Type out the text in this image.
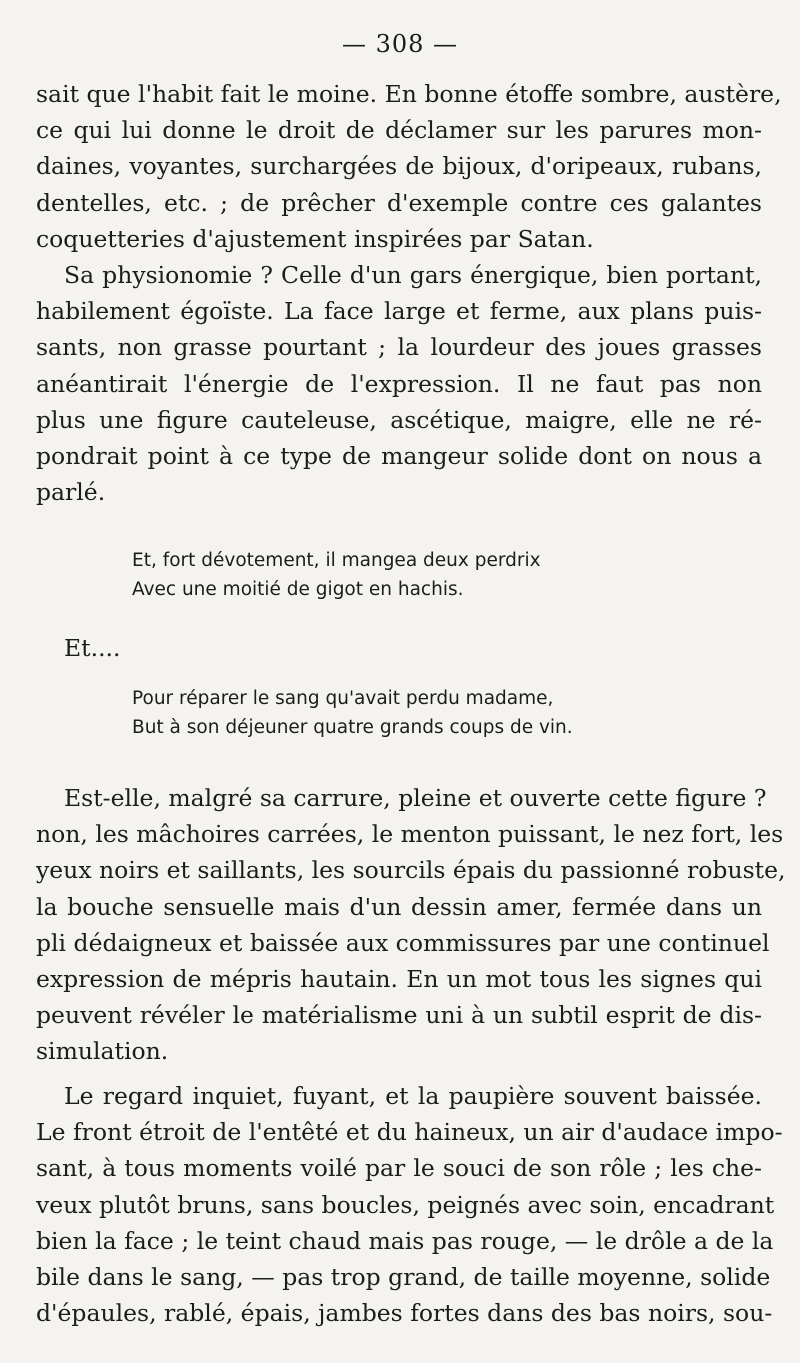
— 308 —
sait que l'habit fait le moine. En bonne étoffe sombre, austère,
ce qui lui donne le droit de déclamer sur les parures mon-
daines, voyantes, surchargées de bijoux, d'oripeaux, rubans,
dentelles, etc. ; de prêcher d'exemple contre ces galantes
coquetteries d'ajustement inspirées par Satan.
Sa physionomie ? Celle d'un gars énergique, bien portant,
habilement égoïste. La face large et ferme, aux plans puis-
sants, non grasse pourtant ; la lourdeur des joues grasses
anéantirait l'énergie de l'expression. Il ne faut pas non
plus une figure cauteleuse, ascétique, maigre, elle ne ré-
pondrait point à ce type de mangeur solide dont on nous a
parlé.
Et, fort dévotement, il mangea deux perdrix
Avec une moitié de gigot en hachis.
Et....
Pour réparer le sang qu'avait perdu madame,
But à son déjeuner quatre grands coups de vin.
Est-elle, malgré sa carrure, pleine et ouverte cette figure ?
non, les mâchoires carrées, le menton puissant, le nez fort, les
yeux noirs et saillants, les sourcils épais du passionné robuste,
la bouche sensuelle mais d'un dessin amer, fermée dans un
pli dédaigneux et baissée aux commissures par une continuel
expression de mépris hautain. En un mot tous les signes qui
peuvent révéler le matérialisme uni à un subtil esprit de dis-
simulation.
Le regard inquiet, fuyant, et la paupière souvent baissée.
Le front étroit de l'entêté et du haineux, un air d'audace impo-
sant, à tous moments voilé par le souci de son rôle ; les che-
veux plutôt bruns, sans boucles, peignés avec soin, encadrant
bien la face ; le teint chaud mais pas rouge, — le drôle a de la
bile dans le sang, — pas trop grand, de taille moyenne, solide
d'épaules, rablé, épais, jambes fortes dans des bas noirs, sou-
